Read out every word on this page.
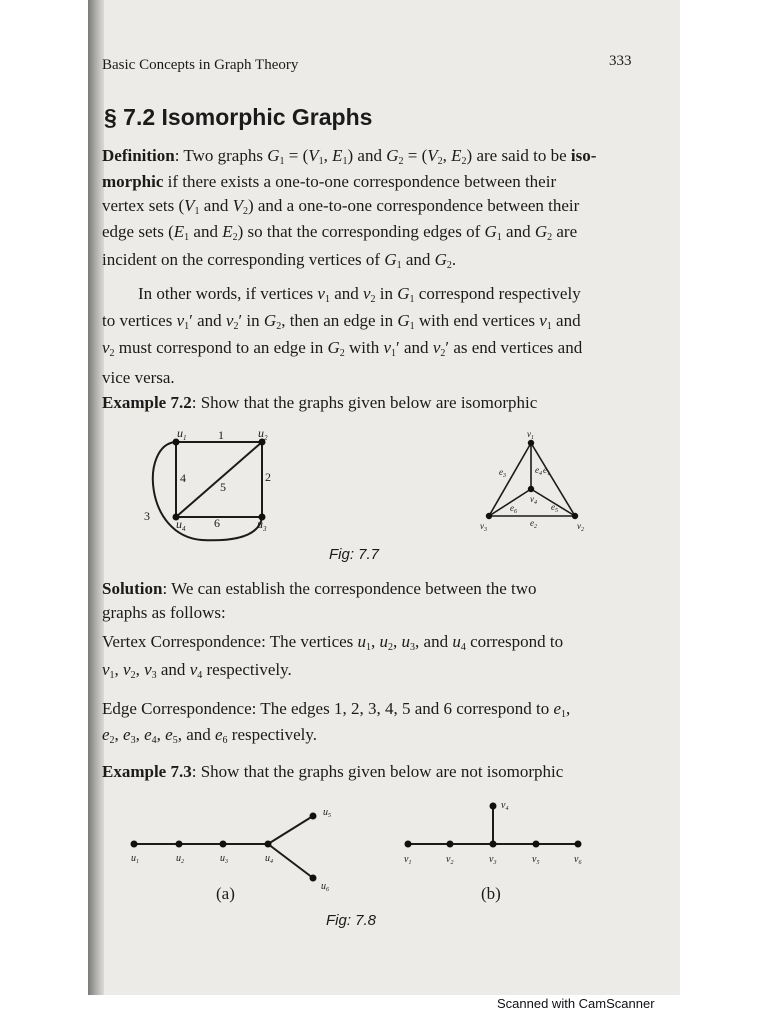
Basic Concepts in Graph Theory	333
§ 7.2 Isomorphic Graphs
Definition: Two graphs $G_1 = (V_1$, $E_1$) and $G_2 = (V_2$, $E_2$) are said to be iso-
morphic if there exists a one-to-one correspondence between their
vertex sets ($V_1$ and $V_2$) and a one-to-one correspondence between their
edge sets ($E_1$ and $E_2$) so that the corresponding edges of $G_1$ and $G_2$ are
incident on the corresponding vertices of $G_1$ and $G_2$.
In other words, if vertices $v_1$ and $v_2$ in $G_1$ correspond respectively
to vertices $v_1'$ and $v_2'$ in $G_2$, then an edge in $G_1$ with end vertices $v_1$ and
$v_2$ must correspond to an edge in $G_2$ with $v_1'$ and $v_2'$ as end vertices and
vice versa.
Example 7.2: Show that the graphs given below are isomorphic
$u_1$	$u_2$
$u_3$
$u_4$
1
2
3
4
5
6
$v_1$
$v_2$
$v_3$
$v_4$
$e_1$
$e_2$
$e_3$
$e_4$
$e_5$
$e_6$
Fig: 7.7
Solution: We can establish the correspondence between the two
graphs as follows:
Vertex Correspondence: The vertices $u_1$, $u_2$, $u_3$, and $u_4$ correspond to
$v_1$, $v_2$, $v_3$ and $v_4$ respectively.
Edge Correspondence: The edges 1, 2, 3, 4, 5 and 6 correspond to $e_1$,
$e_2$, $e_3$, $e_4$, $e_5$, and $e_6$ respectively.
Example 7.3: Show that the graphs given below are not isomorphic
$u_1$	$u_2$	$u_3$	$u_4$
$u_5$
$u_6$
(a)
$v_1$	$v_2$	$v_3$
$v_4$
$v_5$	$v_6$
(b)
Fig: 7.8
Scanned with CamScanner
